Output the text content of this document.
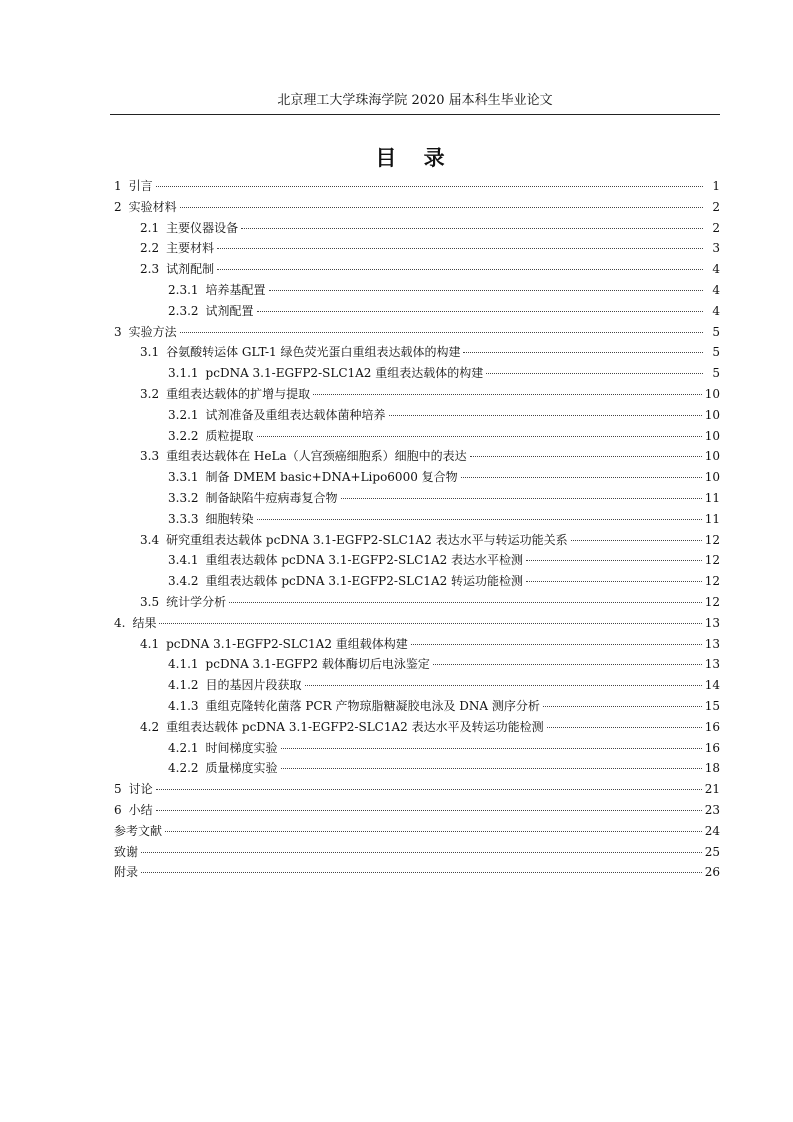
北京理工大学珠海学院 2020 届本科生毕业论文
目 录
1 引言	1
2 实验材料	2
2.1 主要仪器设备	2
2.2 主要材料	3
2.3 试剂配制	4
2.3.1 培养基配置	4
2.3.2 试剂配置	4
3 实验方法	5
3.1 谷氨酸转运体 GLT-1 绿色荧光蛋白重组表达载体的构建	5
3.1.1 pcDNA 3.1-EGFP2-SLC1A2 重组表达载体的构建	5
3.2 重组表达载体的扩增与提取	10
3.2.1 试剂准备及重组表达载体菌种培养	10
3.2.2 质粒提取	10
3.3 重组表达载体在 HeLa（人宫颈癌细胞系）细胞中的表达	10
3.3.1 制备 DMEM basic+DNA+Lipo6000 复合物	10
3.3.2 制备缺陷牛痘病毒复合物	11
3.3.3 细胞转染	11
3.4 研究重组表达载体 pcDNA 3.1-EGFP2-SLC1A2 表达水平与转运功能关系	12
3.4.1 重组表达载体 pcDNA 3.1-EGFP2-SLC1A2 表达水平检测	12
3.4.2 重组表达载体 pcDNA 3.1-EGFP2-SLC1A2 转运功能检测	12
3.5 统计学分析	12
4. 结果	13
4.1 pcDNA 3.1-EGFP2-SLC1A2 重组载体构建	13
4.1.1 pcDNA 3.1-EGFP2 载体酶切后电泳鉴定	13
4.1.2 目的基因片段获取	14
4.1.3 重组克隆转化菌落 PCR 产物琼脂糖凝胶电泳及 DNA 测序分析	15
4.2 重组表达载体 pcDNA 3.1-EGFP2-SLC1A2 表达水平及转运功能检测	16
4.2.1 时间梯度实验	16
4.2.2 质量梯度实验	18
5 讨论	21
6 小结	23
参考文献	24
致谢	25
附录	26
